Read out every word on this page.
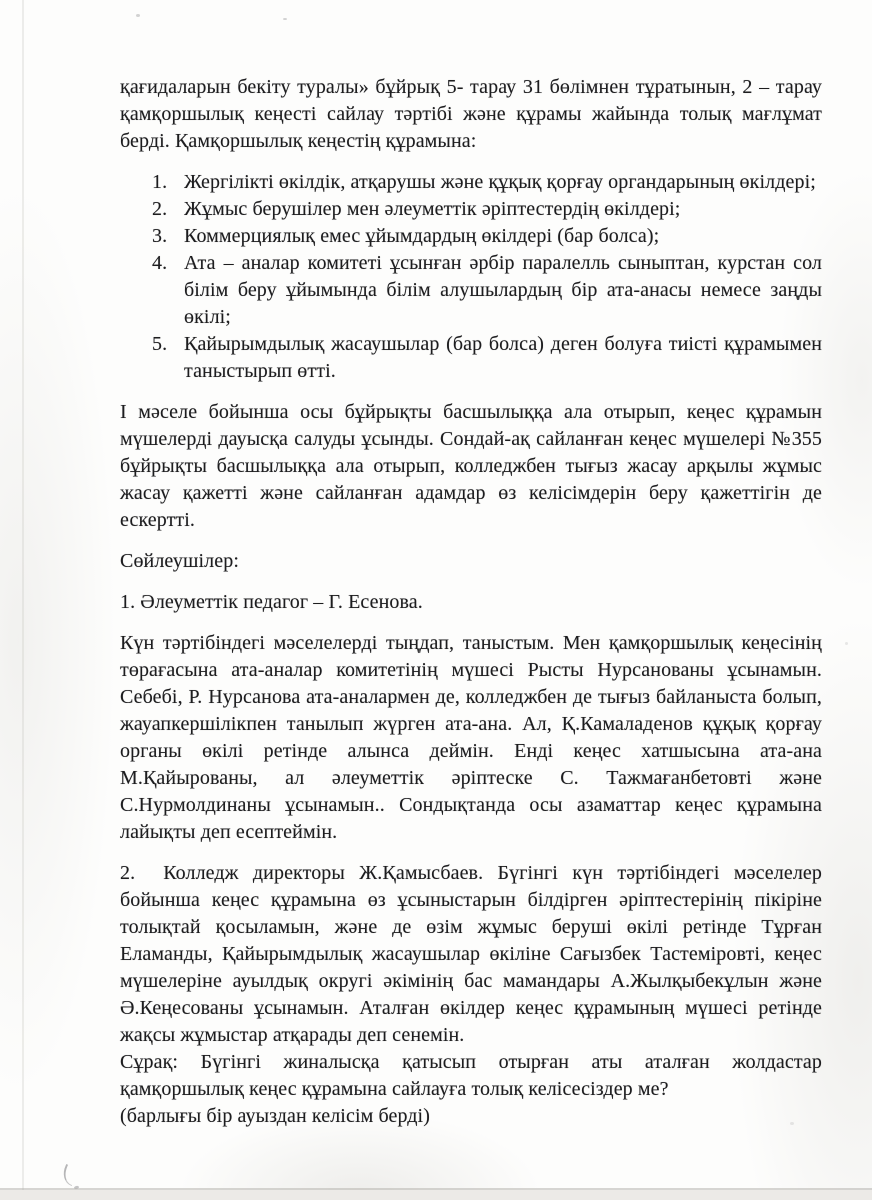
қағидаларын бекіту туралы» бұйрық 5- тарау 31 бөлімнен тұратынын, 2 – тарау қамқоршылық кеңесті сайлау тәртібі және құрамы жайында толық мағлұмат берді. Қамқоршылық кеңестің құрамына:

1. Жергілікті өкілдік, атқарушы және құқық қорғау органдарының өкілдері;
2. Жұмыс берушілер мен әлеуметтік әріптестердің өкілдері;
3. Коммерциялық емес ұйымдардың өкілдері (бар болса);
4. Ата – аналар комитеті ұсынған әрбір паралелль сыныптан, курстан сол білім беру ұйымында білім алушылардың бір ата-анасы немесе заңды өкілі;
5. Қайырымдылық жасаушылар (бар болса) деген болуға тиісті құрамымен таныстырып өтті.

І мәселе бойынша осы бұйрықты басшылыққа ала отырып, кеңес құрамын мүшелерді дауысқа салуды ұсынды. Сондай-ақ сайланған кеңес мүшелері №355 бұйрықты басшылыққа ала отырып, колледжбен тығыз жасау арқылы жұмыс жасау қажетті және сайланған адамдар өз келісімдерін беру қажеттігін де ескертті.

Сөйлеушілер:

1. Әлеуметтік педагог – Г. Есенова.

Күн тәртібіндегі мәселелерді тыңдап, таныстым. Мен қамқоршылық кеңесінің төрағасына ата-аналар комитетінің мүшесі Рысты Нурсанованы ұсынамын. Себебі, Р. Нурсанова ата-аналармен де, колледжбен де тығыз байланыста болып, жауапкершілікпен танылып жүрген ата-ана. Ал, Қ.Камаладенов құқық қорғау органы өкілі ретінде алынса деймін. Енді кеңес хатшысына ата-ана М.Қайырованы, ал әлеуметтік әріптеске С. Тажмағанбетовті және С.Нурмолдинаны ұсынамын.. Сондықтанда осы азаматтар кеңес құрамына лайықты деп есептеймін.

2. Колледж директоры Ж.Қамысбаев. Бүгінгі күн тәртібіндегі мәселелер бойынша кеңес құрамына өз ұсыныстарын білдірген әріптестерінің пікіріне толықтай қосыламын, және де өзім жұмыс беруші өкілі ретінде Тұрған Еламанды, Қайырымдылық жасаушылар өкіліне Сағызбек Тастеміровті, кеңес мүшелеріне ауылдық округі әкімінің бас мамандары А.Жылқыбекұлын және Ә.Кеңесованы ұсынамын. Аталған өкілдер кеңес құрамының мүшесі ретінде жақсы жұмыстар атқарады деп сенемін.

Сұрақ: Бүгінгі жиналысқа қатысып отырған аты аталған жолдастар қамқоршылық кеңес құрамына сайлауға толық келісесіздер ме?

(барлығы бір ауыздан келісім берді)
